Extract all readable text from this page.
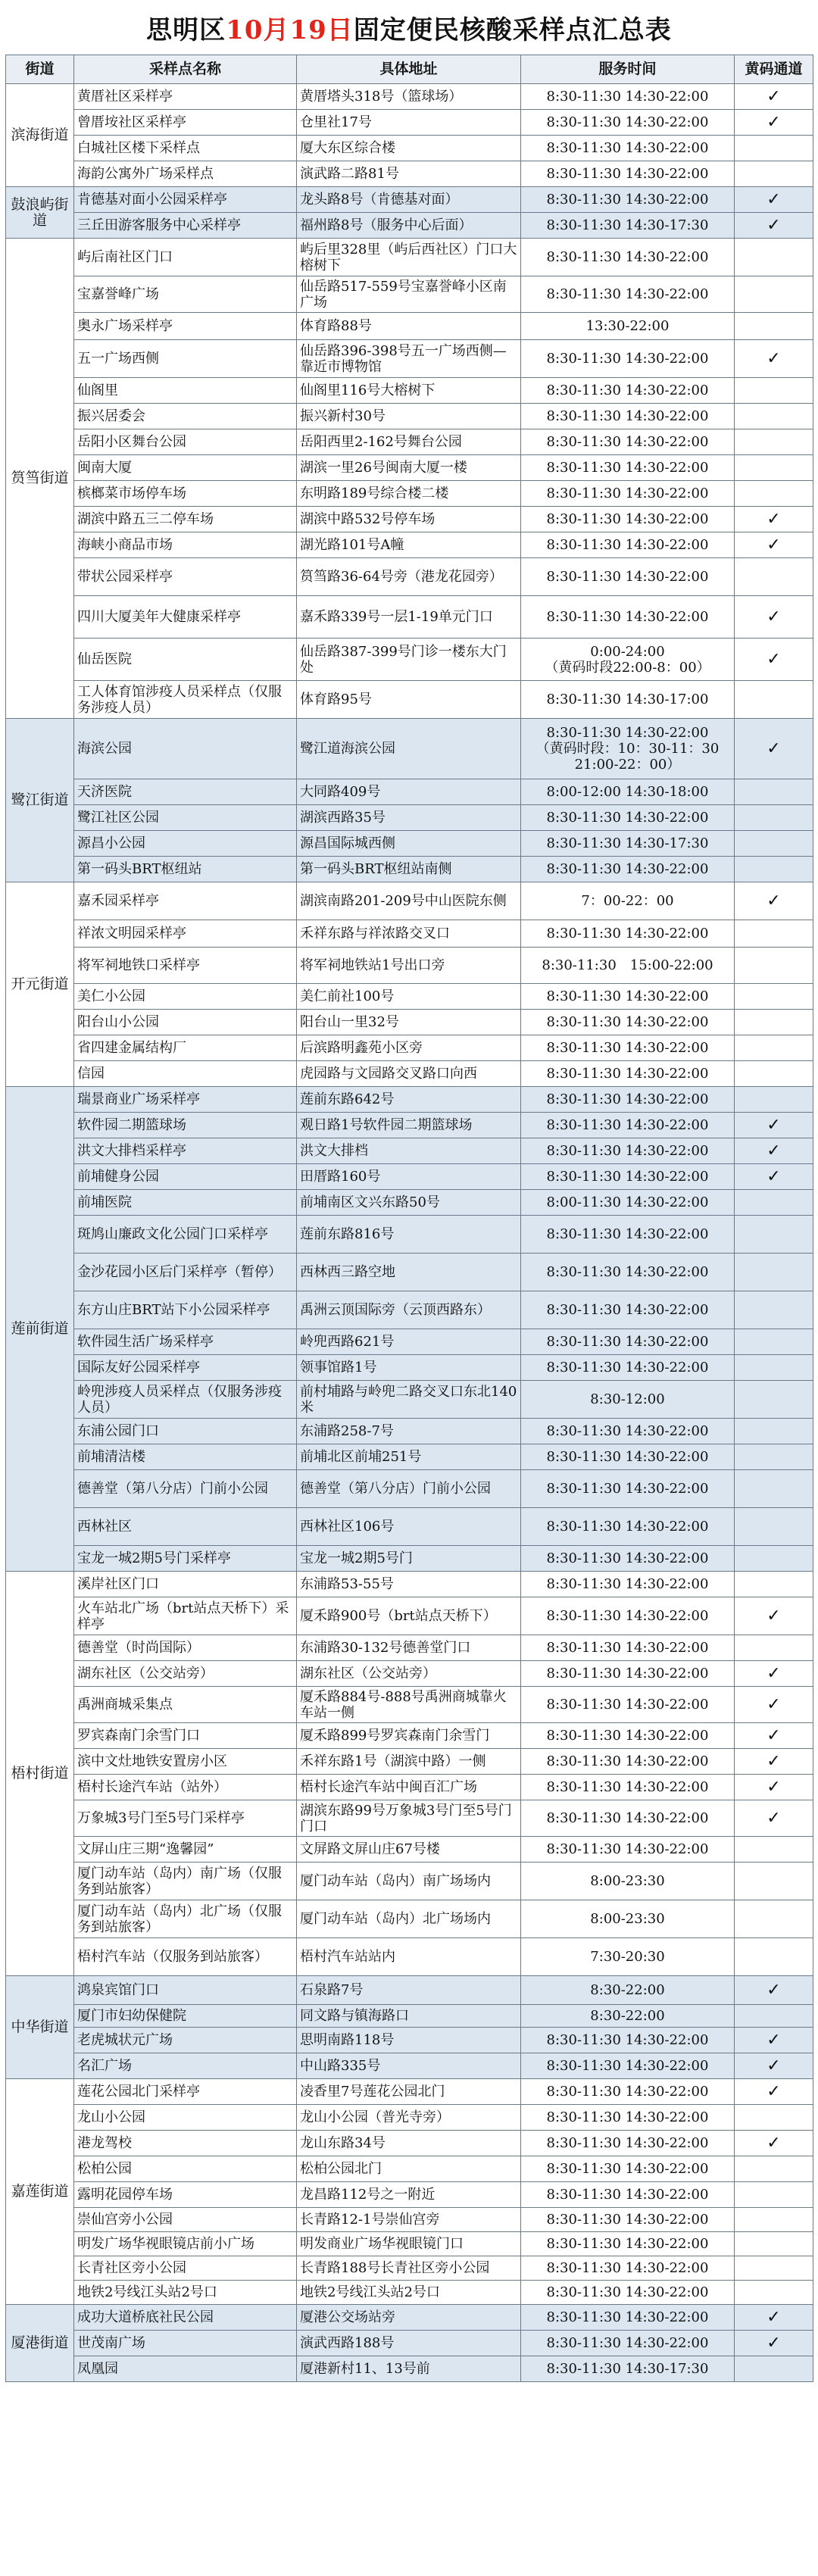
思明区 10月19日 固定便民核酸采样点汇总表
街道	采样点名称	具体地址	服务时间	黄码通道

滨海街道	黄厝社区采样亭	黄厝塔头318号（篮球场）	8:30-11:30 14:30-22:00	✓

	曾厝垵社区采样亭	仓里社17号	8:30-11:30 14:30-22:00	✓

	白城社区楼下采样点	厦大东区综合楼	8:30-11:30 14:30-22:00	

	海韵公寓外广场采样点	演武路二路81号	8:30-11:30 14:30-22:00	

鼓浪屿街道	肯德基对面小公园采样亭	龙头路8号（肯德基对面）	8:30-11:30 14:30-22:00	✓

	三丘田游客服务中心采样亭	福州路8号（服务中心后面）	8:30-11:30 14:30-17:30	✓

筼筜街道	屿后南社区门口	屿后里328里（屿后西社区）门口大榕树下	8:30-11:30 14:30-22:00	

	宝嘉誉峰广场	仙岳路517-559号宝嘉誉峰小区南广场	8:30-11:30 14:30-22:00	

	奥永广场采样亭	体育路88号	13:30-22:00	

	五一广场西侧	仙岳路396-398号五一广场西侧—靠近市博物馆	8:30-11:30 14:30-22:00	✓

	仙阁里	仙阁里116号大榕树下	8:30-11:30 14:30-22:00	

	振兴居委会	振兴新村30号	8:30-11:30 14:30-22:00	

	岳阳小区舞台公园	岳阳西里2-162号舞台公园	8:30-11:30 14:30-22:00	

	闽南大厦	湖滨一里26号闽南大厦一楼	8:30-11:30 14:30-22:00	

	槟榔菜市场停车场	东明路189号综合楼二楼	8:30-11:30 14:30-22:00	

	湖滨中路五三二停车场	湖滨中路532号停车场	8:30-11:30 14:30-22:00	✓

	海峡小商品市场	湖光路101号A幢	8:30-11:30 14:30-22:00	✓

	带状公园采样亭	筼筜路36-64号旁（港龙花园旁）	8:30-11:30 14:30-22:00	

	四川大厦美年大健康采样亭	嘉禾路339号一层1-19单元门口	8:30-11:30 14:30-22:00	✓

	仙岳医院	仙岳路387-399号门诊一楼东大门处	0:00-24:00
（黄码时段22:00-8：00）	✓

	工人体育馆涉疫人员采样点（仅服务涉疫人员）	体育路95号	8:30-11:30 14:30-17:00	

鹭江街道	海滨公园	鹭江道海滨公园	8:30-11:30 14:30-22:00
（黄码时段：10：30-11：30 21:00-22：00）	✓

	天济医院	大同路409号	8:00-12:00 14:30-18:00	

	鹭江社区公园	湖滨西路35号	8:30-11:30 14:30-22:00	

	源昌小公园	源昌国际城西侧	8:30-11:30 14:30-17:30	

	第一码头BRT枢纽站	第一码头BRT枢纽站南侧	8:30-11:30 14:30-22:00	

开元街道	嘉禾园采样亭	湖滨南路201-209号中山医院东侧	7：00-22：00	✓

	祥浓文明园采样亭	禾祥东路与祥浓路交叉口	8:30-11:30 14:30-22:00	

	将军祠地铁口采样亭	将军祠地铁站1号出口旁	8:30-11:30　15:00-22:00	

	美仁小公园	美仁前社100号	8:30-11:30 14:30-22:00	

	阳台山小公园	阳台山一里32号	8:30-11:30 14:30-22:00	

	省四建金属结构厂	后滨路明鑫苑小区旁	8:30-11:30 14:30-22:00	

	信园	虎园路与文园路交叉路口向西	8:30-11:30 14:30-22:00	

莲前街道	瑞景商业广场采样亭	莲前东路642号	8:30-11:30 14:30-22:00	

	软件园二期篮球场	观日路1号软件园二期篮球场	8:30-11:30 14:30-22:00	✓

	洪文大排档采样亭	洪文大排档	8:30-11:30 14:30-22:00	✓

	前埔健身公园	田厝路160号	8:30-11:30 14:30-22:00	✓

	前埔医院	前埔南区文兴东路50号	8:00-11:30 14:30-22:00	

	斑鸠山廉政文化公园门口采样亭	莲前东路816号	8:30-11:30 14:30-22:00	

	金沙花园小区后门采样亭（暂停）	西林西三路空地	8:30-11:30 14:30-22:00	

	东方山庄BRT站下小公园采样亭	禹洲云顶国际旁（云顶西路东）	8:30-11:30 14:30-22:00	

	软件园生活广场采样亭	岭兜西路621号	8:30-11:30 14:30-22:00	

	国际友好公园采样亭	领事馆路1号	8:30-11:30 14:30-22:00	

	岭兜涉疫人员采样点（仅服务涉疫人员）	前村埔路与岭兜二路交叉口东北140米	8:30-12:00	

	东浦公园门口	东浦路258-7号	8:30-11:30 14:30-22:00	

	前埔清洁楼	前埔北区前埔251号	8:30-11:30 14:30-22:00	

	德善堂（第八分店）门前小公园	德善堂（第八分店）门前小公园	8:30-11:30 14:30-22:00	

	西林社区	西林社区106号	8:30-11:30 14:30-22:00	

	宝龙一城2期5号门采样亭	宝龙一城2期5号门	8:30-11:30 14:30-22:00	

梧村街道	溪岸社区门口	东浦路53-55号	8:30-11:30 14:30-22:00	

	火车站北广场（brt站点天桥下）采样亭	厦禾路900号（brt站点天桥下）	8:30-11:30 14:30-22:00	✓

	德善堂（时尚国际）	东浦路30-132号德善堂门口	8:30-11:30 14:30-22:00	

	湖东社区（公交站旁）	湖东社区（公交站旁）	8:30-11:30 14:30-22:00	✓

	禹洲商城采集点	厦禾路884号-888号禹洲商城靠火车站一侧	8:30-11:30 14:30-22:00	✓

	罗宾森南门余雪门口	厦禾路899号罗宾森南门余雪门	8:30-11:30 14:30-22:00	✓

	滨中文灶地铁安置房小区	禾祥东路1号（湖滨中路）一侧	8:30-11:30 14:30-22:00	✓

	梧村长途汽车站（站外）	梧村长途汽车站中闽百汇广场	8:30-11:30 14:30-22:00	✓

	万象城3号门至5号门采样亭	湖滨东路99号万象城3号门至5号门门口	8:30-11:30 14:30-22:00	✓

	文屏山庄三期“逸馨园”	文屏路文屏山庄67号楼	8:30-11:30 14:30-22:00	

	厦门动车站（岛内）南广场（仅服务到站旅客）	厦门动车站（岛内）南广场场内	8:00-23:30	

	厦门动车站（岛内）北广场（仅服务到站旅客）	厦门动车站（岛内）北广场场内	8:00-23:30	

	梧村汽车站（仅服务到站旅客）	梧村汽车站站内	7:30-20:30	

中华街道	鸿泉宾馆门口	石泉路7号	8:30-22:00	✓

	厦门市妇幼保健院	同文路与镇海路口	8:30-22:00	

	老虎城状元广场	思明南路118号	8:30-11:30 14:30-22:00	✓

	名汇广场	中山路335号	8:30-11:30 14:30-22:00	✓

嘉莲街道	莲花公园北门采样亭	凌香里7号莲花公园北门	8:30-11:30 14:30-22:00	✓

	龙山小公园	龙山小公园（普光寺旁）	8:30-11:30 14:30-22:00	

	港龙驾校	龙山东路34号	8:30-11:30 14:30-22:00	✓

	松柏公园	松柏公园北门	8:30-11:30 14:30-22:00	

	露明花园停车场	龙昌路112号之一附近	8:30-11:30 14:30-22:00	

	崇仙宫旁小公园	长青路12-1号崇仙宫旁	8:30-11:30 14:30-22:00	

	明发广场华视眼镜店前小广场	明发商业广场华视眼镜门口	8:30-11:30 14:30-22:00	

	长青社区旁小公园	长青路188号长青社区旁小公园	8:30-11:30 14:30-22:00	

	地铁2号线江头站2号口	地铁2号线江头站2号口	8:30-11:30 14:30-22:00	

厦港街道	成功大道桥底社民公园	厦港公交场站旁	8:30-11:30 14:30-22:00	✓

	世茂南广场	演武西路188号	8:30-11:30 14:30-22:00	✓

	凤凰园	厦港新村11、13号前	8:30-11:30 14:30-17:30	
